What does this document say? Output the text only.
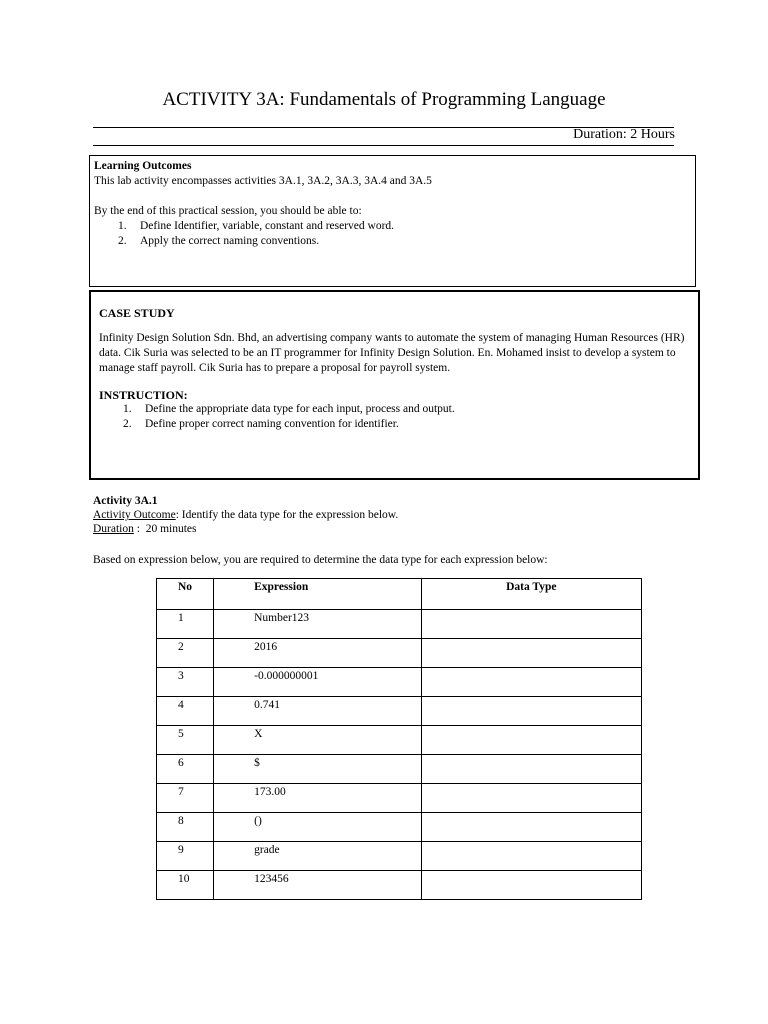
ACTIVITY 3A: Fundamentals of Programming Language
Duration: 2 Hours
Learning Outcomes
This lab activity encompasses activities 3A.1, 3A.2, 3A.3, 3A.4 and 3A.5
By the end of this practical session, you should be able to:
1.	Define Identifier, variable, constant and reserved word.
2.	Apply the correct naming conventions.
CASE STUDY
Infinity Design Solution Sdn. Bhd, an advertising company wants to automate the system of managing Human Resources (HR) data. Cik Suria was selected to be an IT programmer for Infinity Design Solution. En. Mohamed insist to develop a system to manage staff payroll. Cik Suria has to prepare a proposal for payroll system.
INSTRUCTION:
1.	Define the appropriate data type for each input, process and output.
2.	Define proper correct naming convention for identifier.
Activity 3A.1
Activity Outcome: Identify the data type for the expression below.
Duration :  20 minutes
Based on expression below, you are required to determine the data type for each expression below:
No	Expression	Data Type
1	Number123	
2	2016	
3	-0.000000001	
4	0.741	
5	X	
6	$	
7	173.00	
8	()	
9	grade	
10	123456	
